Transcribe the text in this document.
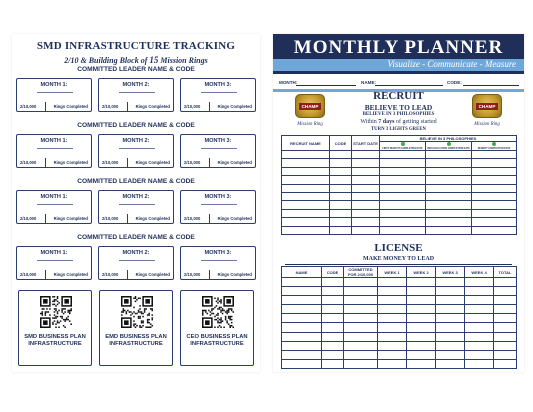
SMD INFRASTRUCTURE TRACKING
2/10 & Building Block of 15 Mission Rings
MONTH 1:
2/10,000	Rings Completed
MONTH 2:
2/10,000	Rings Completed
MONTH 3:
2/10,000	Rings Completed
COMMITTED LEADER NAME & CODE
MONTH 1:
2/10,000	Rings Completed
MONTH 2:
2/10,000	Rings Completed
MONTH 3:
2/10,000	Rings Completed
COMMITTED LEADER NAME & CODE
MONTH 1:
2/10,000	Rings Completed
MONTH 2:
2/10,000	Rings Completed
MONTH 3:
2/10,000	Rings Completed
COMMITTED LEADER NAME & CODE
MONTH 1:
2/10,000	Rings Completed
MONTH 2:
2/10,000	Rings Completed
MONTH 3:
2/10,000	Rings Completed
COMMITTED LEADER NAME & CODE
SMD BUSINESS PLAN
INFRASTRUCTURE
EMD BUSINESS PLAN
INFRASTRUCTURE
CEO BUSINESS PLAN
INFRASTRUCTURE
MONTHLY PLANNER
Visualize - Communicate - Measure
MONTH:	NAME:	CODE:
CHAMP
Mission Ring
CHAMP
Mission Ring
RECRUIT
BELIEVE TO LEAD
BELIEVE IN 3 PHILOSOPHIES
Within 7 days of getting started
TURN 3 LIGHTS GREEN
RECRUIT NAME	CODE	START DATE	BELIEVE IN 3 PHILOSOPHIES		

			FIRST RECRUIT COMPLETION DATE	2ND EVALUATION COMPLETION DATE	BENEFIT COMPLETION DATE

LICENSE
MAKE MONEY TO LEAD
NAME	CODE	COMMITTED FOR 2/10,000	WEEK 1	WEEK 2	WEEK 3	WEEK 4	TOTAL
